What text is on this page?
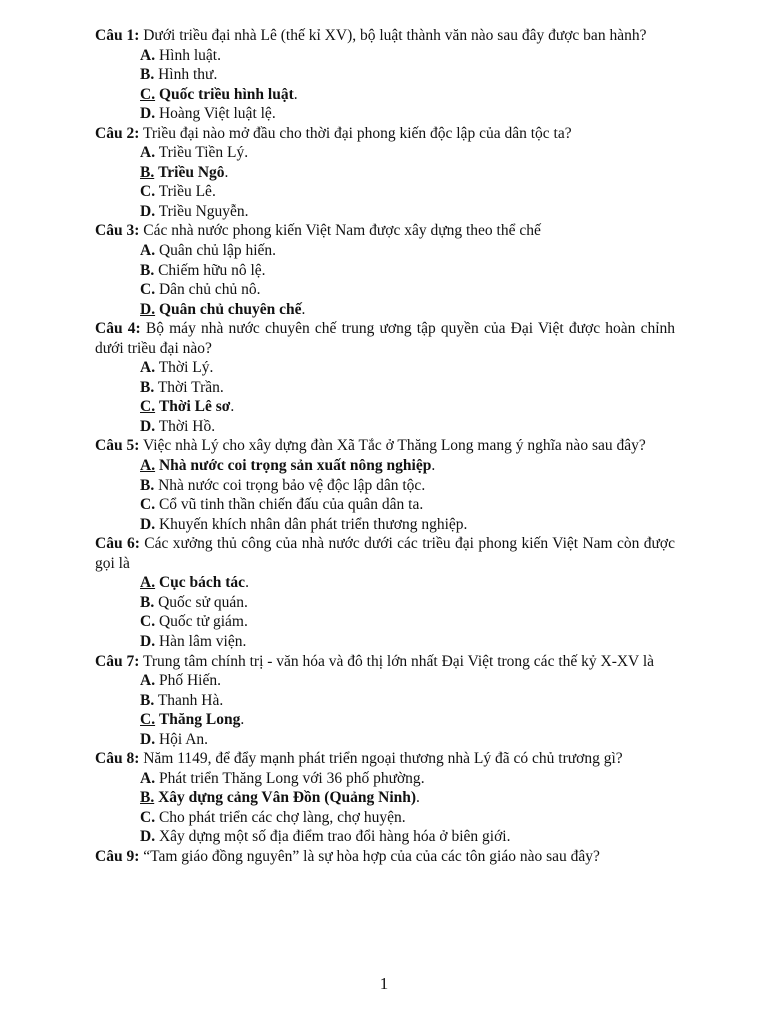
Câu 1: Dưới triều đại nhà Lê (thế kỉ XV), bộ luật thành văn nào sau đây được ban hành?
A. Hình luật.
B. Hình thư.
C. Quốc triều hình luật.
D. Hoàng Việt luật lệ.
Câu 2: Triều đại nào mở đầu cho thời đại phong kiến độc lập của dân tộc ta?
A. Triều Tiền Lý.
B. Triều Ngô.
C. Triều Lê.
D. Triều Nguyễn.
Câu 3: Các nhà nước phong kiến Việt Nam được xây dựng theo thể chế
A. Quân chủ lập hiến.
B. Chiếm hữu nô lệ.
C. Dân chủ chủ nô.
D. Quân chủ chuyên chế.
Câu 4: Bộ máy nhà nước chuyên chế trung ương tập quyền của Đại Việt được hoàn chỉnh dưới triều đại nào?
A. Thời Lý.
B. Thời Trần.
C. Thời Lê sơ.
D. Thời Hồ.
Câu 5: Việc nhà Lý cho xây dựng đàn Xã Tắc ở Thăng Long mang ý nghĩa nào sau đây?
A. Nhà nước coi trọng sản xuất nông nghiệp.
B. Nhà nước coi trọng bảo vệ độc lập dân tộc.
C. Cổ vũ tinh thần chiến đấu của quân dân ta.
D. Khuyến khích nhân dân phát triển thương nghiệp.
Câu 6: Các xưởng thủ công của nhà nước dưới các triều đại phong kiến Việt Nam còn được gọi là
A. Cục bách tác.
B. Quốc sử quán.
C. Quốc tử giám.
D. Hàn lâm viện.
Câu 7: Trung tâm chính trị - văn hóa và đô thị lớn nhất Đại Việt trong các thế kỷ X-XV là
A. Phố Hiến.
B. Thanh Hà.
C. Thăng Long.
D. Hội An.
Câu 8: Năm 1149, để đẩy mạnh phát triển ngoại thương nhà Lý đã có chủ trương gì?
A. Phát triển Thăng Long với 36 phố phường.
B. Xây dựng cảng Vân Đồn (Quảng Ninh).
C. Cho phát triển các chợ làng, chợ huyện.
D. Xây dựng một số địa điểm trao đổi hàng hóa ở biên giới.
Câu 9: “Tam giáo đồng nguyên” là sự hòa hợp của của các tôn giáo nào sau đây?
1
